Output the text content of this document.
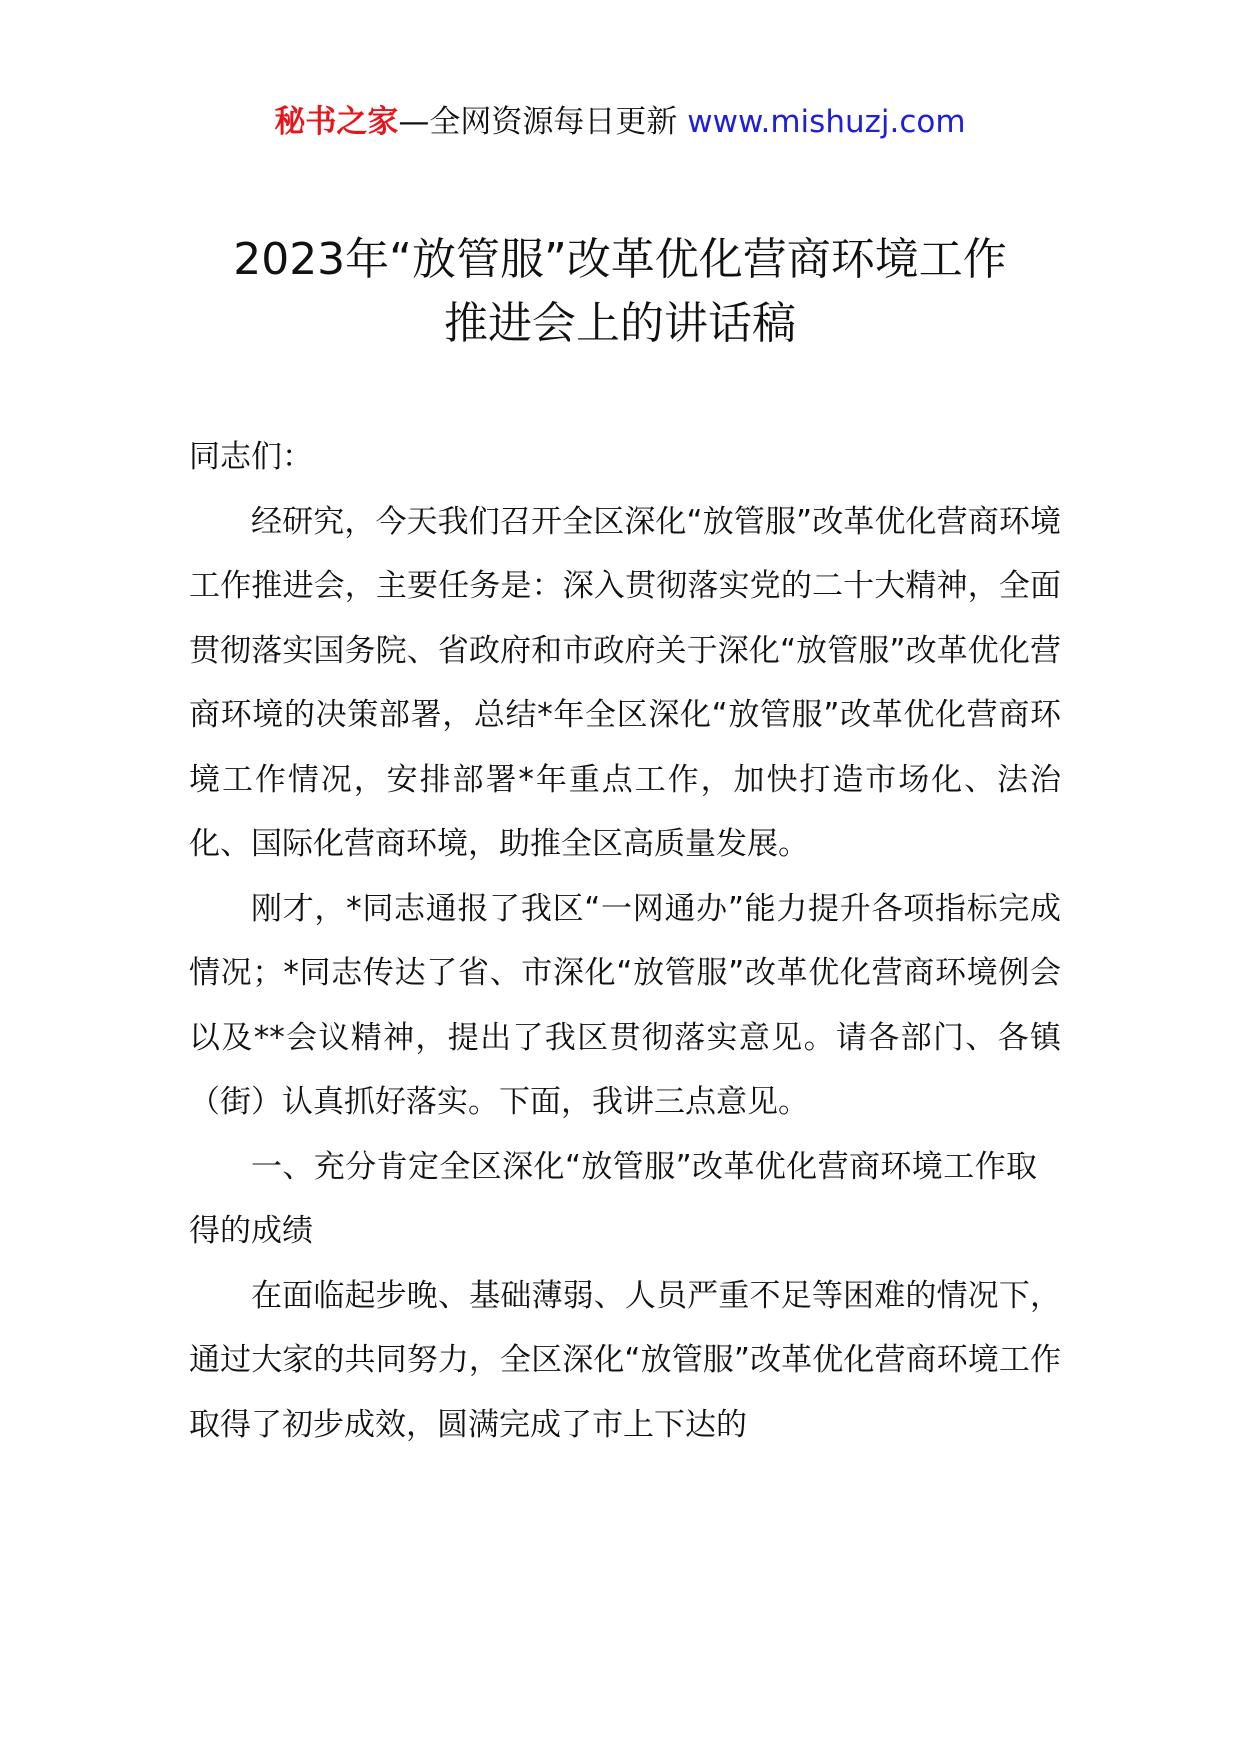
秘书之家—全网资源每日更新 www.mishuzj.com
2023年“放管服”改革优化营商环境工作
推进会上的讲话稿

同志们：

经研究，今天我们召开全区深化“放管服”改革优化营商环境工作推进会，主要任务是：深入贯彻落实党的二十大精神，全面贯彻落实国务院、省政府和市政府关于深化“放管服”改革优化营商环境的决策部署，总结*年全区深化“放管服”改革优化营商环境工作情况，安排部署*年重点工作，加快打造市场化、法治化、国际化营商环境，助推全区高质量发展。

刚才，*同志通报了我区“一网通办”能力提升各项指标完成情况；*同志传达了省、市深化“放管服”改革优化营商环境例会以及**会议精神，提出了我区贯彻落实意见。请各部门、各镇（街）认真抓好落实。下面，我讲三点意见。

一、充分肯定全区深化“放管服”改革优化营商环境工作取得的成绩

在面临起步晚、基础薄弱、人员严重不足等困难的情况下，通过大家的共同努力，全区深化“放管服”改革优化营商环境工作取得了初步成效，圆满完成了市上下达的
